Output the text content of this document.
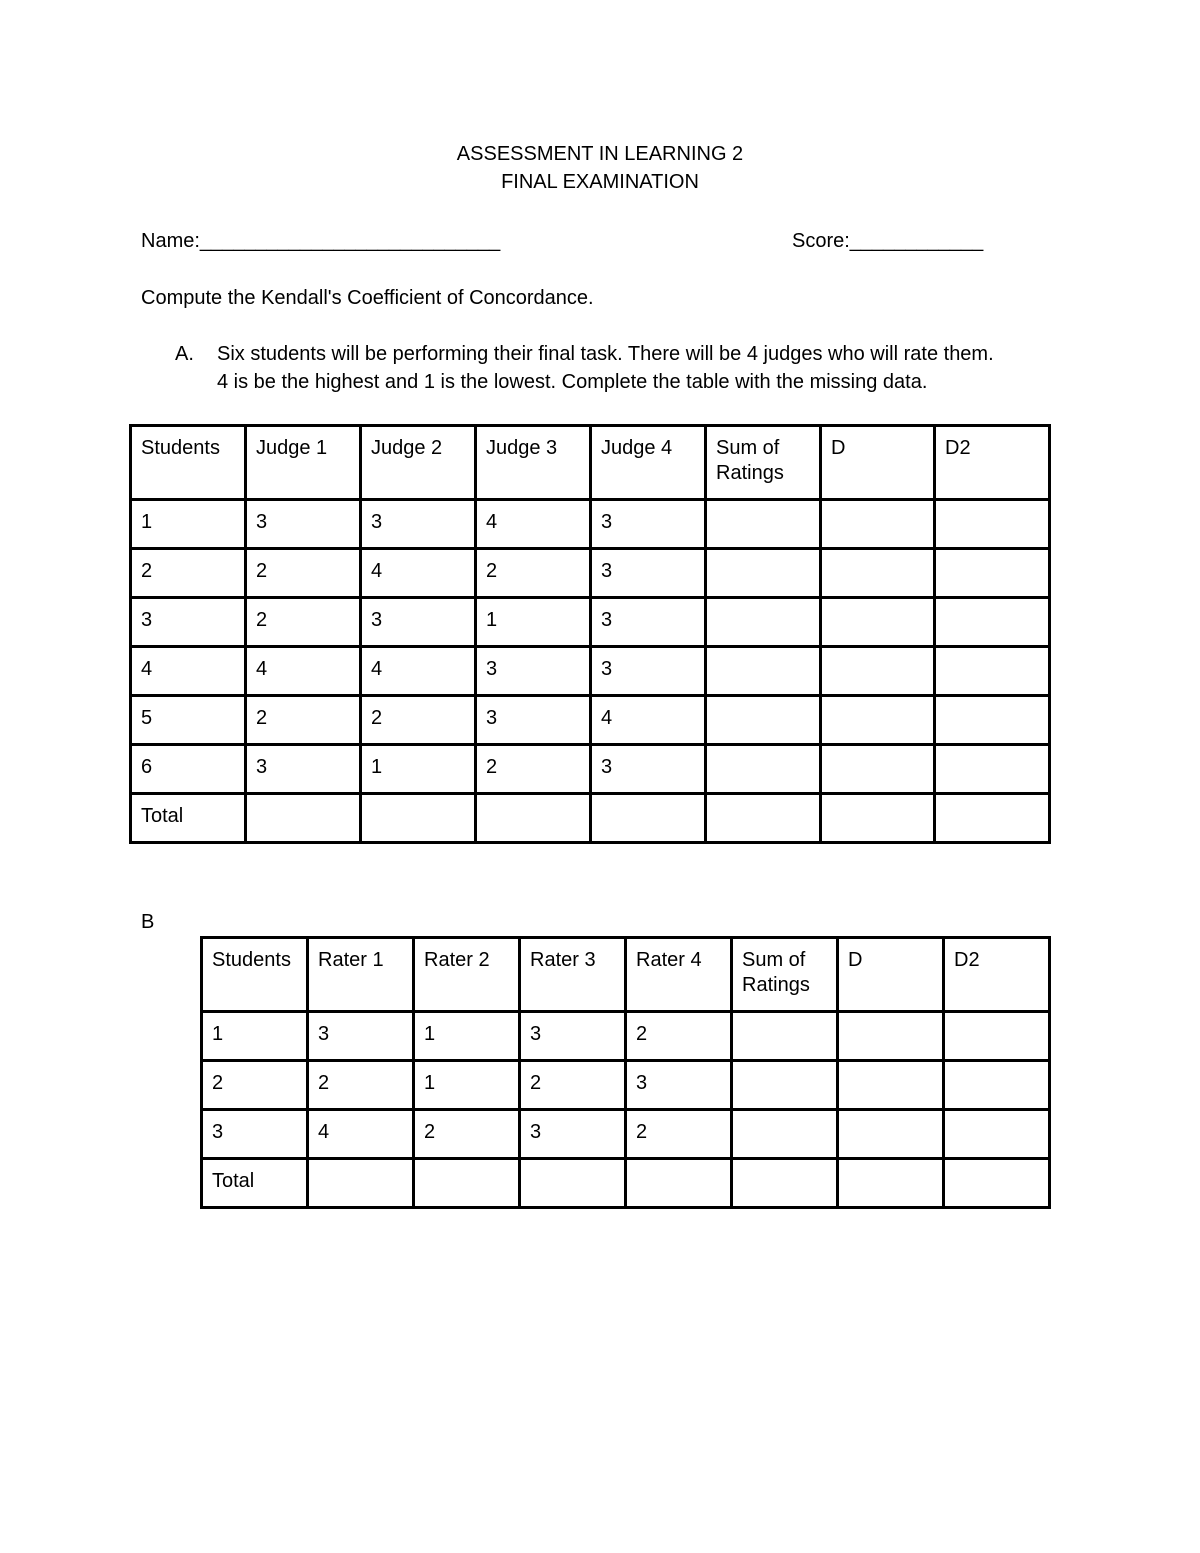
ASSESSMENT IN LEARNING 2
FINAL EXAMINATION
Name:___________________________	Score:____________
Compute the Kendall's Coefficient of Concordance.
A. Six students will be performing their final task. There will be 4 judges who will rate them.
4 is be the highest and 1 is the lowest. Complete the table with the missing data.
Students	Judge 1	Judge 2	Judge 3	Judge 4	Sum of Ratings	D	D2
1	3	3	4	3			
2	2	4	2	3			
3	2	3	1	3			
4	4	4	3	3			
5	2	2	3	4			
6	3	1	2	3			
Total							
B
Students	Rater 1	Rater 2	Rater 3	Rater 4	Sum of Ratings	D	D2
1	3	1	3	2			
2	2	1	2	3			
3	4	2	3	2			
Total							
